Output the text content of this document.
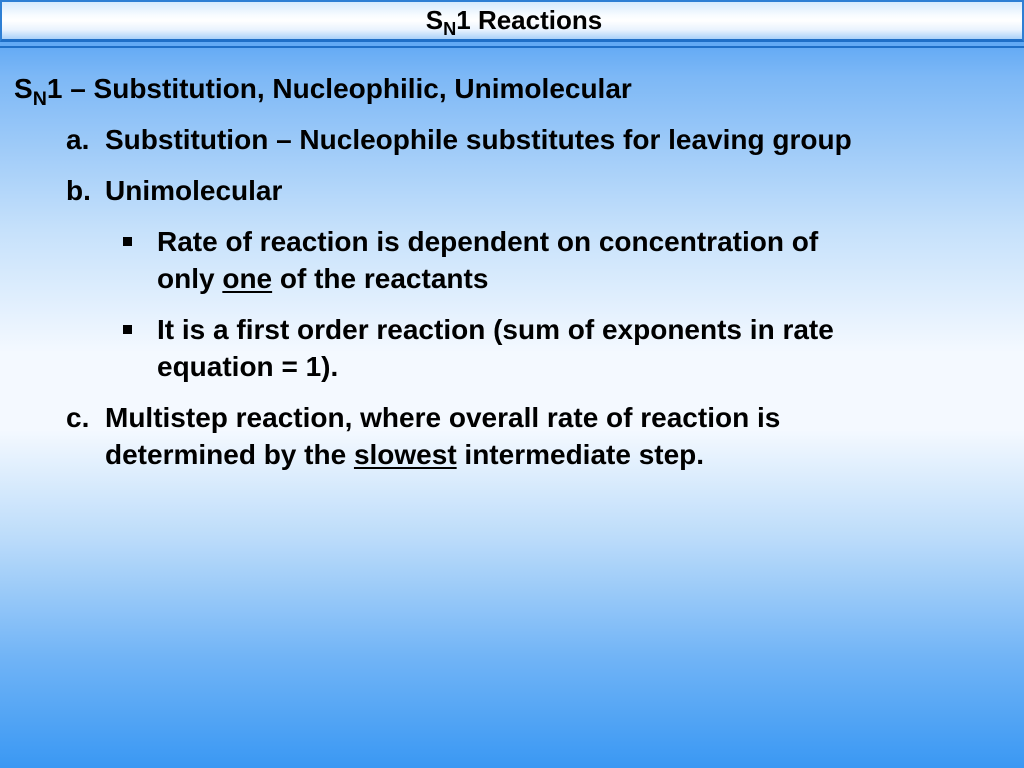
$S_N1$ Reactions
$S_N1$ – Substitution, Nucleophilic, Unimolecular
a. Substitution – Nucleophile substitutes for leaving group
b. Unimolecular
Rate of reaction is dependent on concentration of
only one of the reactants
It is a first order reaction (sum of exponents in rate
equation = 1).
c. Multistep reaction, where overall rate of reaction is
determined by the slowest intermediate step.
